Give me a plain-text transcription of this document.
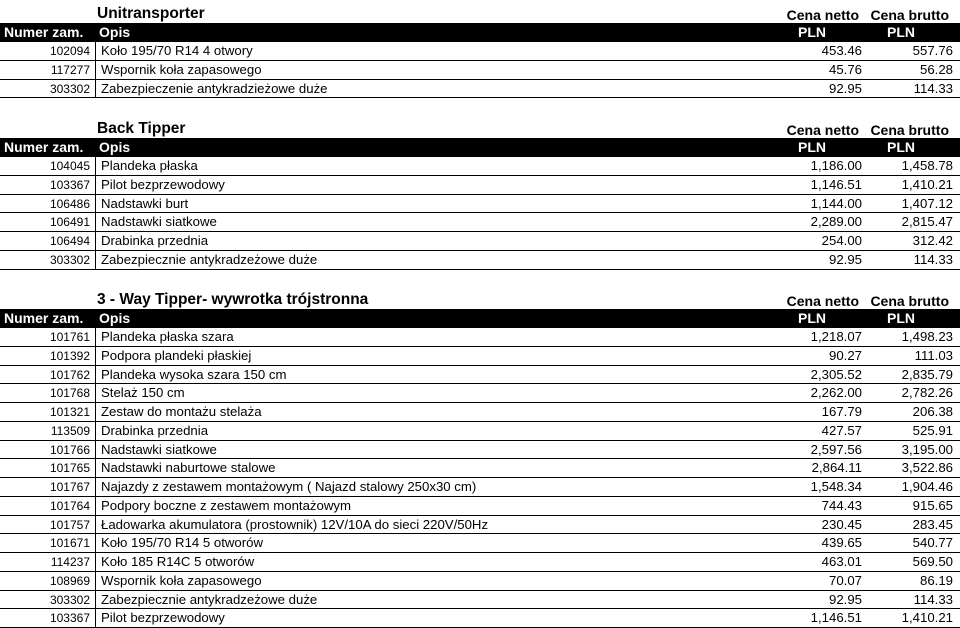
Unitransporter	Cena netto Cena brutto
Numer zam. Opis	PLN	PLN
102094 Koło 195/70 R14 4 otwory	453.46	557.76
117277 Wspornik koła zapasowego	45.76	56.28
303302 Zabezpieczenie antykradzieżowe duże	92.95	114.33
Back Tipper	Cena netto Cena brutto
Numer zam. Opis	PLN	PLN
104045 Plandeka płaska	1,186.00	1,458.78
103367 Pilot bezprzewodowy	1,146.51	1,410.21
106486 Nadstawki burt	1,144.00	1,407.12
106491 Nadstawki siatkowe	2,289.00	2,815.47
106494 Drabinka przednia	254.00	312.42
303302 Zabezpiecznie antykradzeżowe duże	92.95	114.33
3 - Way Tipper- wywrotka trójstronna	Cena netto Cena brutto
Numer zam. Opis	PLN	PLN
101761 Plandeka płaska szara	1,218.07	1,498.23
101392 Podpora plandeki płaskiej	90.27	111.03
101762 Plandeka wysoka szara 150 cm	2,305.52	2,835.79
101768 Stelaż 150 cm	2,262.00	2,782.26
101321 Zestaw do montażu stelaża	167.79	206.38
113509 Drabinka przednia	427.57	525.91
101766 Nadstawki siatkowe	2,597.56	3,195.00
101765 Nadstawki naburtowe stalowe	2,864.11	3,522.86
101767 Najazdy z zestawem montażowym ( Najazd stalowy 250x30 cm)	1,548.34	1,904.46
101764 Podpory boczne z zestawem montażowym	744.43	915.65
101757 Ładowarka akumulatora (prostownik) 12V/10A do sieci 220V/50Hz	230.45	283.45
101671 Koło 195/70 R14 5 otworów	439.65	540.77
114237 Koło 185 R14C 5 otworów	463.01	569.50
108969 Wspornik koła zapasowego	70.07	86.19
303302 Zabezpiecznie antykradzeżowe duże	92.95	114.33
103367 Pilot bezprzewodowy	1,146.51	1,410.21
